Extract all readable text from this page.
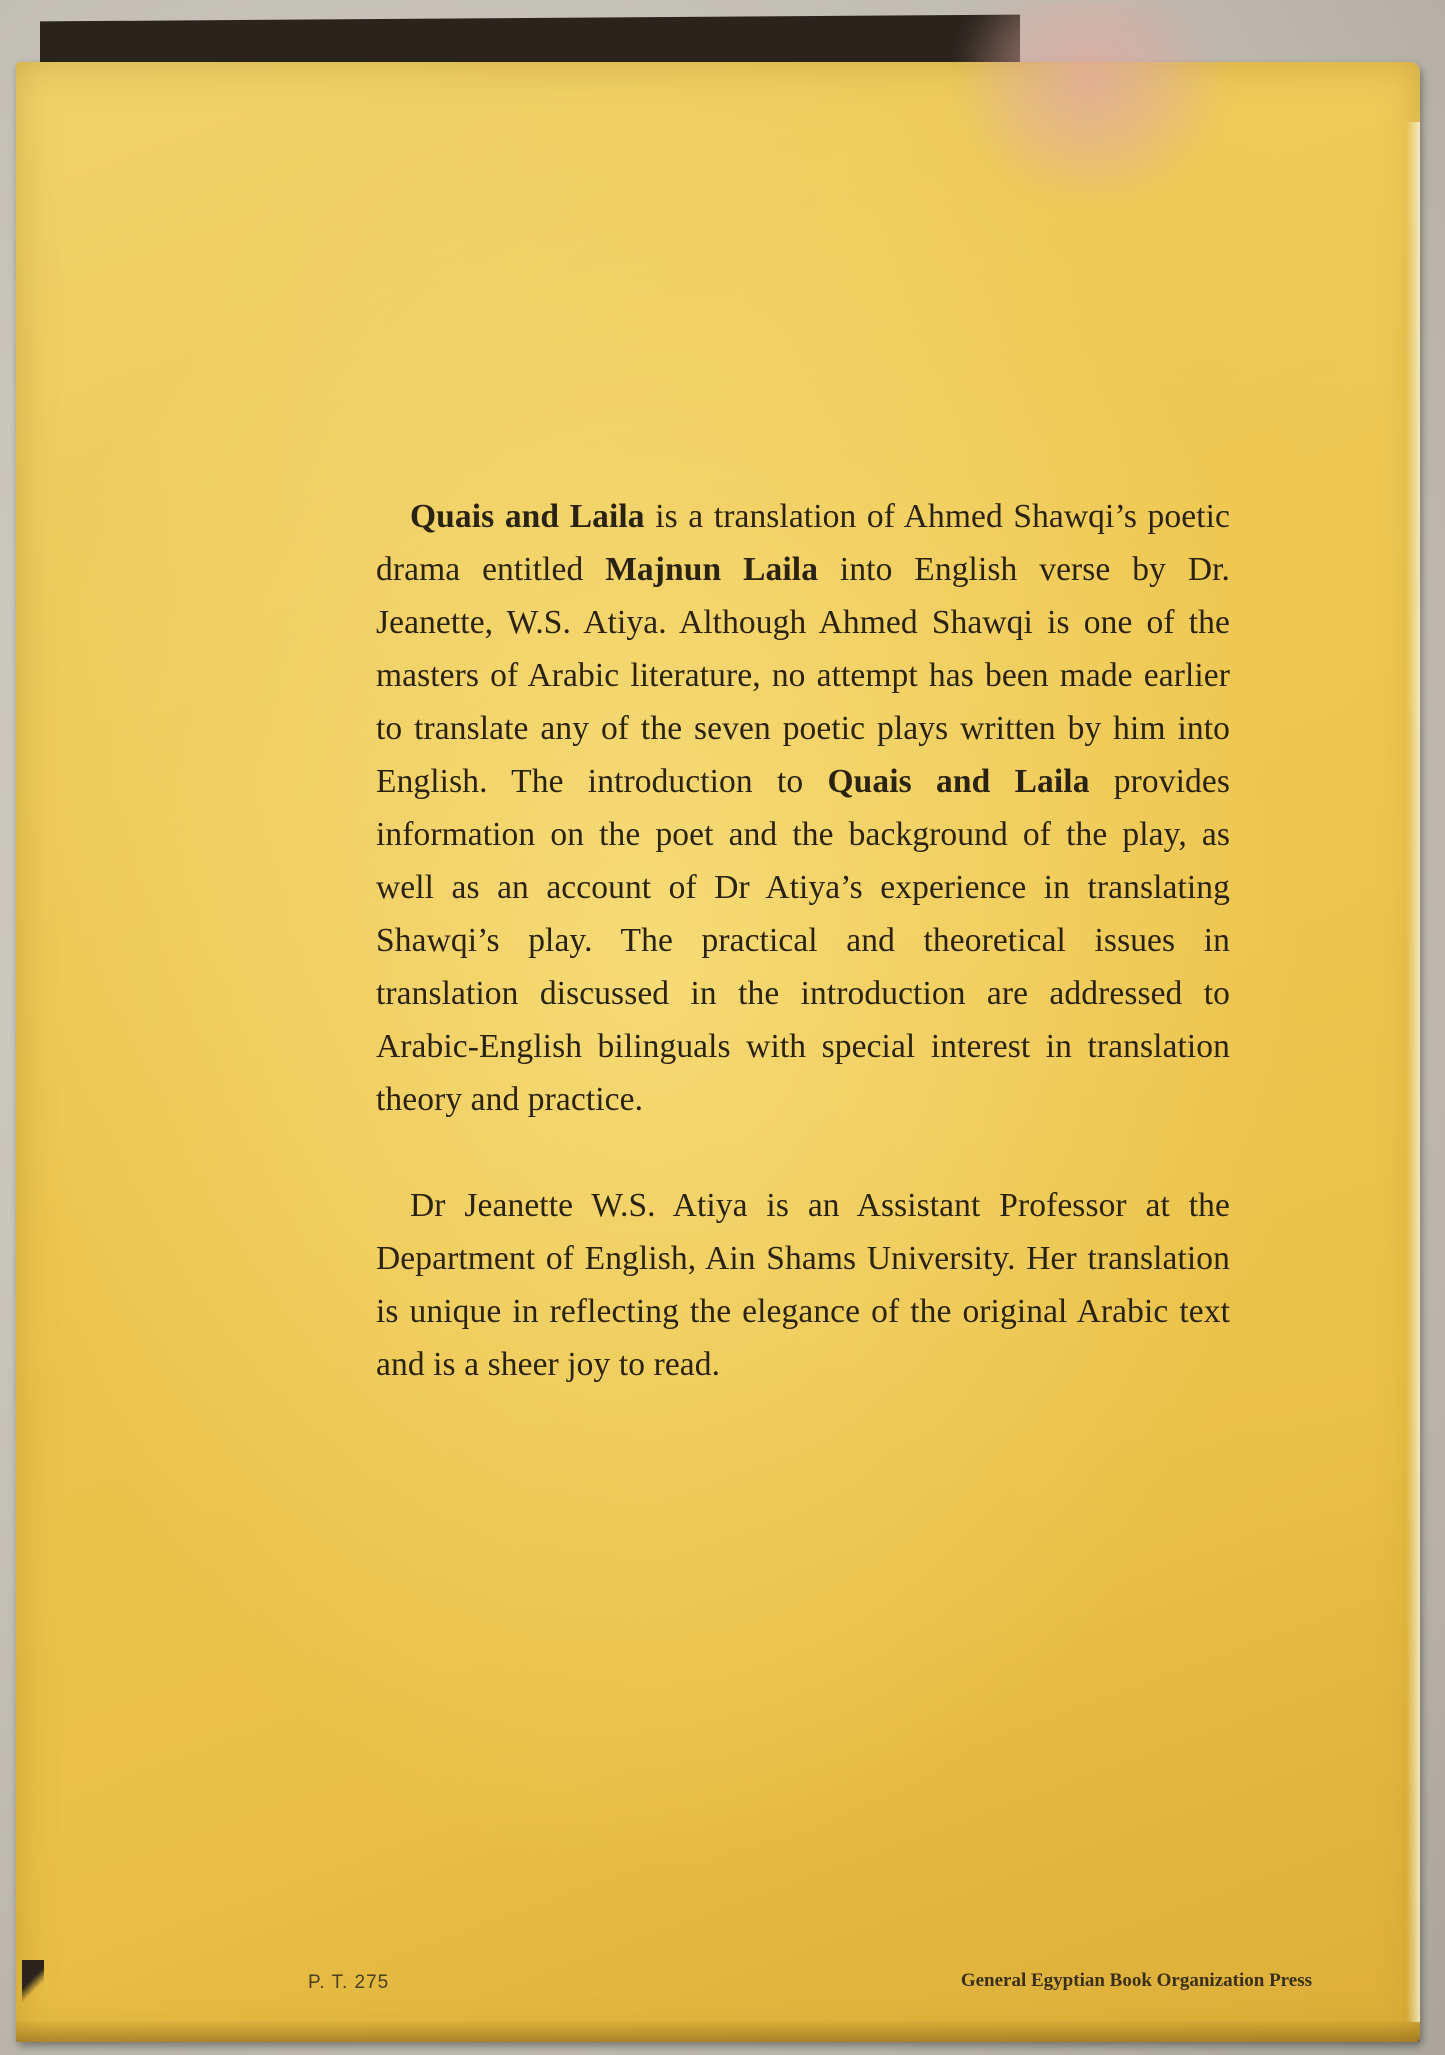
Quais and Laila is a translation of Ahmed Shawqi’s poetic drama entitled Majnun Laila into English verse by Dr. Jeanette, W.S. Atiya. Although Ahmed Shawqi is one of the masters of Arabic literature, no attempt has been made earlier to translate any of the seven poetic plays written by him into English. The introduction to Quais and Laila provides information on the poet and the background of the play, as well as an account of Dr Atiya’s experience in translating Shawqi’s play. The practical and theoretical issues in translation discussed in the introduction are addressed to Arabic-English bilinguals with special interest in translation theory and practice.

Dr Jeanette W.S. Atiya is an Assistant Professor at the Department of English, Ain Shams University. Her translation is unique in reflecting the elegance of the original Arabic text and is a sheer joy to read.

P. T. 275	General Egyptian Book Organization Press
